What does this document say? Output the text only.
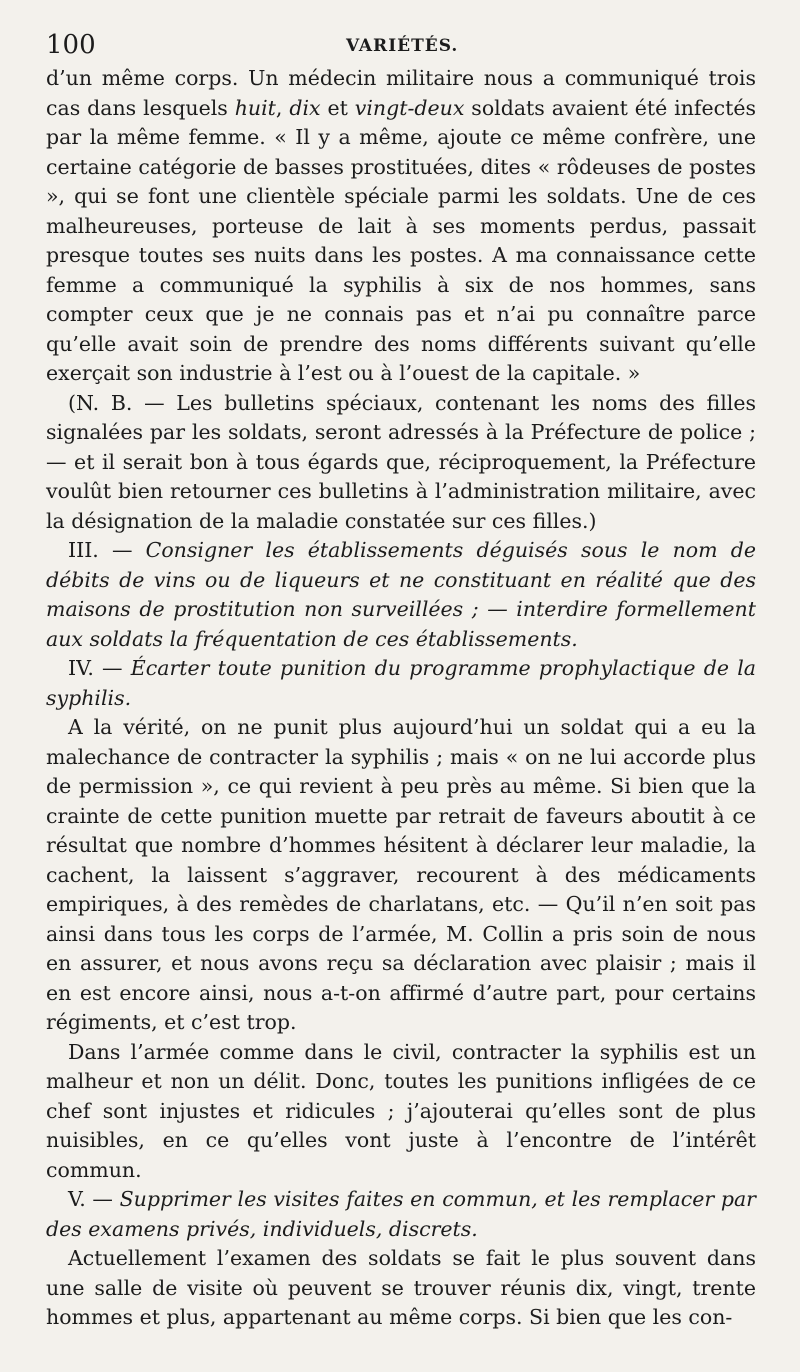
100	VARIÉTÉS.

d’un même corps. Un médecin militaire nous a communiqué trois cas dans lesquels huit, dix et vingt-deux soldats avaient été infectés par la même femme. « Il y a même, ajoute ce même confrère, une certaine catégorie de basses prostituées, dites « rôdeuses de postes », qui se font une clientèle spéciale parmi les soldats. Une de ces malheureuses, porteuse de lait à ses moments perdus, passait presque toutes ses nuits dans les postes. A ma connaissance cette femme a communiqué la syphilis à six de nos hommes, sans compter ceux que je ne connais pas et n’ai pu connaître parce qu’elle avait soin de prendre des noms différents suivant qu’elle exerçait son industrie à l’est ou à l’ouest de la capitale. »

(N. B. — Les bulletins spéciaux, contenant les noms des filles signalées par les soldats, seront adressés à la Préfecture de police ; — et il serait bon à tous égards que, réciproquement, la Préfecture voulût bien retourner ces bulletins à l’administration militaire, avec la désignation de la maladie constatée sur ces filles.)

III. — Consigner les établissements déguisés sous le nom de débits de vins ou de liqueurs et ne constituant en réalité que des maisons de prostitution non surveillées ; — interdire formellement aux soldats la fréquentation de ces établissements.

IV. — Écarter toute punition du programme prophylactique de la syphilis.

A la vérité, on ne punit plus aujourd’hui un soldat qui a eu la malechance de contracter la syphilis ; mais « on ne lui accorde plus de permission », ce qui revient à peu près au même. Si bien que la crainte de cette punition muette par retrait de faveurs aboutit à ce résultat que nombre d’hommes hésitent à déclarer leur maladie, la cachent, la laissent s’aggraver, recourent à des médicaments empiriques, à des remèdes de charlatans, etc. — Qu’il n’en soit pas ainsi dans tous les corps de l’armée, M. Collin a pris soin de nous en assurer, et nous avons reçu sa déclaration avec plaisir ; mais il en est encore ainsi, nous a-t-on affirmé d’autre part, pour certains régiments, et c’est trop.

Dans l’armée comme dans le civil, contracter la syphilis est un malheur et non un délit. Donc, toutes les punitions infligées de ce chef sont injustes et ridicules ; j’ajouterai qu’elles sont de plus nuisibles, en ce qu’elles vont juste à l’encontre de l’intérêt commun.

V. — Supprimer les visites faites en commun, et les remplacer par des examens privés, individuels, discrets.

Actuellement l’examen des soldats se fait le plus souvent dans une salle de visite où peuvent se trouver réunis dix, vingt, trente hommes et plus, appartenant au même corps. Si bien que les con-
